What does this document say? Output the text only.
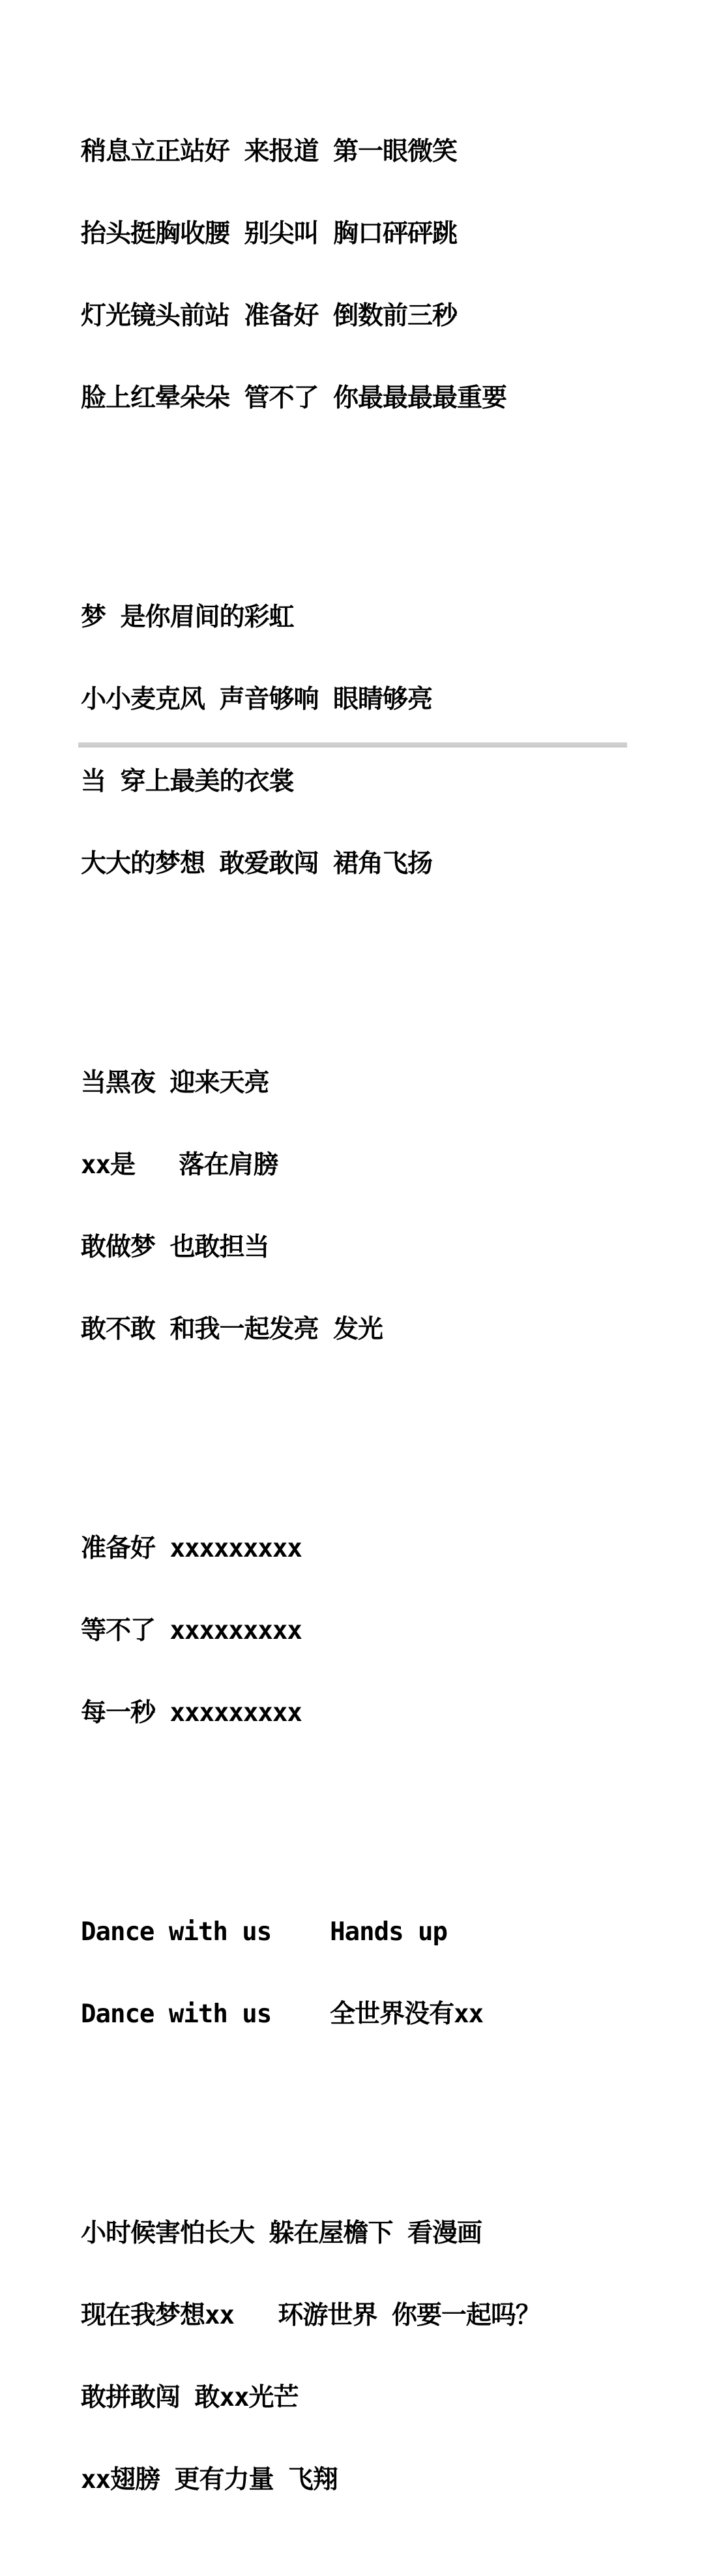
稍息立正站好 来报道 第一眼微笑

抬头挺胸收腰 别尖叫 胸口砰砰跳

灯光镜头前站 准备好 倒数前三秒

脸上红晕朵朵 管不了 你最最最最重要

梦 是你眉间的彩虹

小小麦克风 声音够响 眼睛够亮

当 穿上最美的衣裳

大大的梦想 敢爱敢闯 裙角飞扬

当黑夜 迎来天亮

xx是   落在肩膀

敢做梦 也敢担当

敢不敢 和我一起发亮 发光

准备好 xxxxxxxxx

等不了 xxxxxxxxx

每一秒 xxxxxxxxx

Dance with us    Hands up

Dance with us    全世界没有xx

小时候害怕长大 躲在屋檐下 看漫画

现在我梦想xx   环游世界 你要一起吗？

敢拼敢闯 敢xx光芒

xx翅膀 更有力量 飞翔
